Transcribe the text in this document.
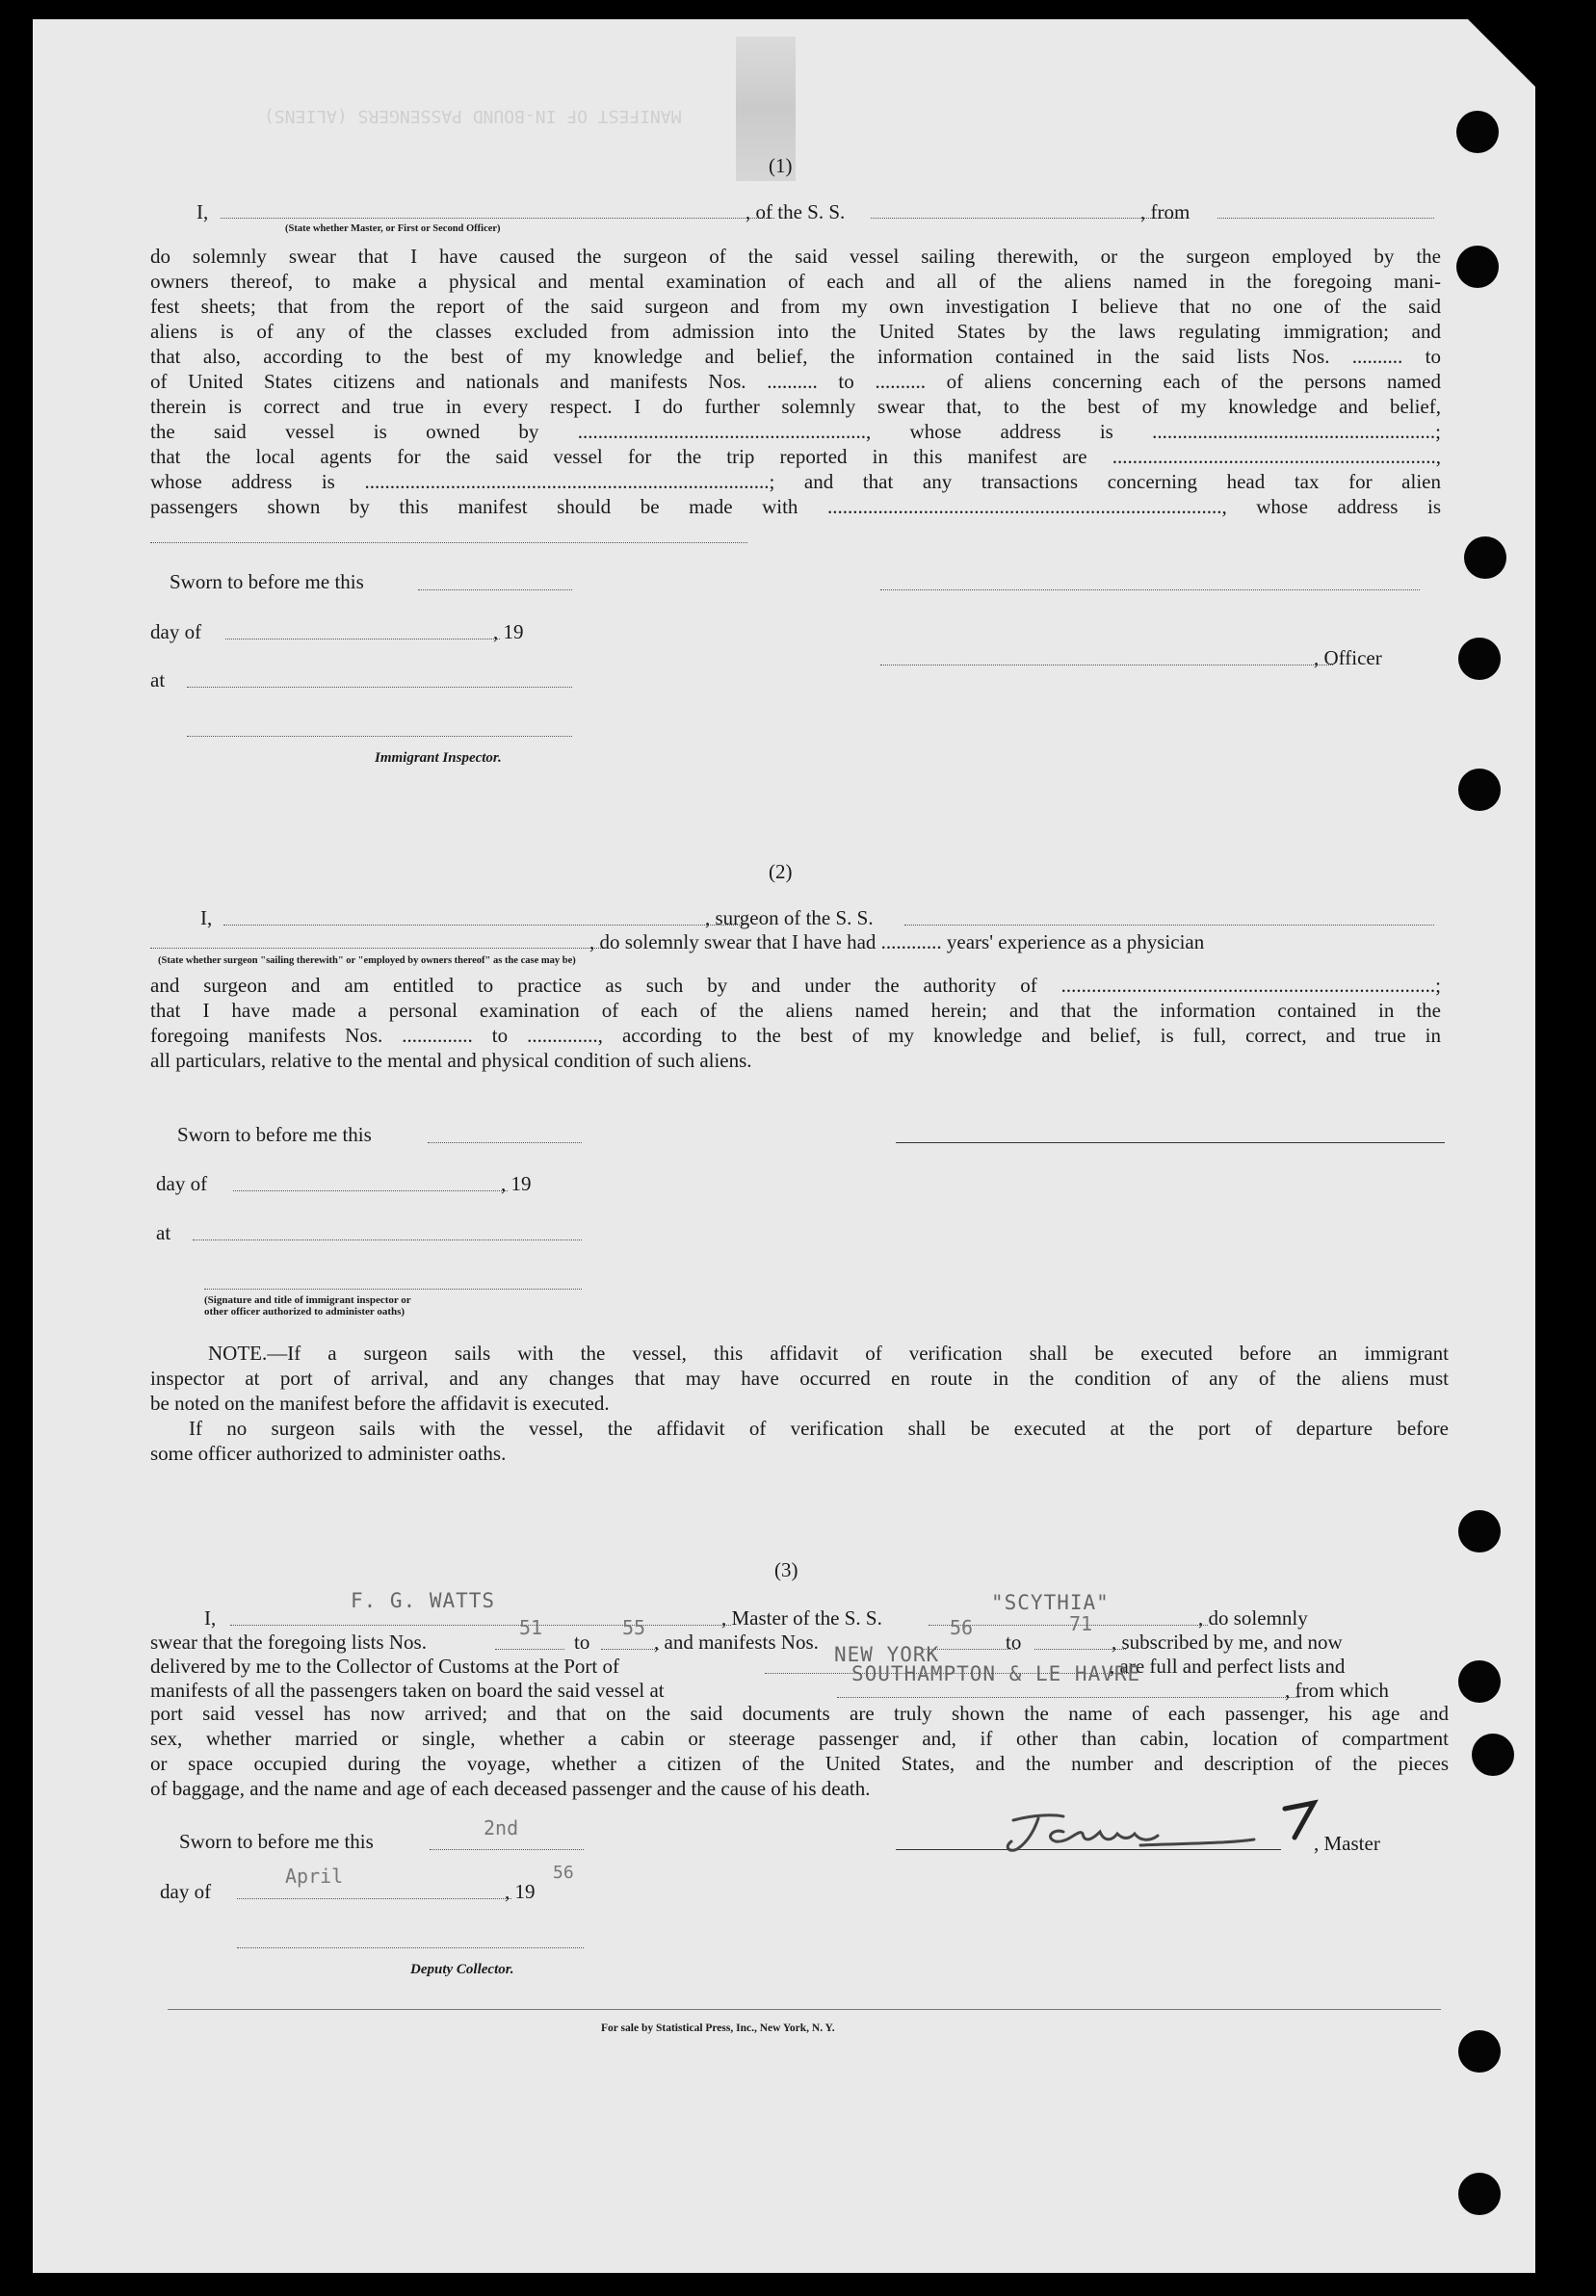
MANIFEST OF IN-BOUND PASSENGERS (ALIENS)
(1)
I,	, of the S. S.	, from
(State whether Master, or First or Second Officer)
do solemnly swear that I have caused the surgeon of the said vessel sailing therewith, or the surgeon employed by the
owners thereof, to make a physical and mental examination of each and all of the aliens named in the foregoing mani-
fest sheets; that from the report of the said surgeon and from my own investigation I believe that no one of the said
aliens is of any of the classes excluded from admission into the United States by the laws regulating immigration; and
that also, according to the best of my knowledge and belief, the information contained in the said lists Nos. .......... to
of United States citizens and nationals and manifests Nos. .......... to .......... of aliens concerning each of the persons named
therein is correct and true in every respect. I do further solemnly swear that, to the best of my knowledge and belief,
the said vessel is owned by ........................................................., whose address is ........................................................;
that the local agents for the said vessel for the trip reported in this manifest are ................................................................,
whose address is ................................................................................; and that any transactions concerning head tax for alien
passengers shown by this manifest should be made with .............................................................................., whose address is
Sworn to before me this
day of	, 19
, Officer
at
Immigrant Inspector.
(2)
I,	, surgeon of the S. S.
, do solemnly swear that I have had ............ years' experience as a physician
(State whether surgeon "sailing therewith" or "employed by owners thereof" as the case may be)
and surgeon and am entitled to practice as such by and under the authority of ..........................................................................;
that I have made a personal examination of each of the aliens named herein; and that the information contained in the
foregoing manifests Nos. .............. to .............., according to the best of my knowledge and belief, is full, correct, and true in
all particulars, relative to the mental and physical condition of such aliens.
Sworn to before me this
day of	, 19
at
(Signature and title of immigrant inspector or
other officer authorized to administer oaths)
NOTE.—If a surgeon sails with the vessel, this affidavit of verification shall be executed before an immigrant
inspector at port of arrival, and any changes that may have occurred en route in the condition of any of the aliens must
be noted on the manifest before the affidavit is executed.
If no surgeon sails with the vessel, the affidavit of verification shall be executed at the port of departure before
some officer authorized to administer oaths.
(3)
I,
F. G. WATTS
, Master of the S. S.
"SCYTHIA"
, do solemnly
swear that the foregoing lists Nos.
51
to
55
, and manifests Nos.
56
to
71
, subscribed by me, and now
delivered by me to the Collector of Customs at the Port of	NEW YORK	, are full and perfect lists and
manifests of all the passengers taken on board the said vessel at
SOUTHAMPTON & LE HAVRE
, from which
port said vessel has now arrived; and that on the said documents are truly shown the name of each passenger, his age and
sex, whether married or single, whether a cabin or steerage passenger and, if other than cabin, location of compartment
or space occupied during the voyage, whether a citizen of the United States, and the number and description of the pieces
of baggage, and the name and age of each deceased passenger and the cause of his death.
Sworn to before me this
2nd
, Master
day of
April
, 19
56
Deputy Collector.
For sale by Statistical Press, Inc., New York, N. Y.
